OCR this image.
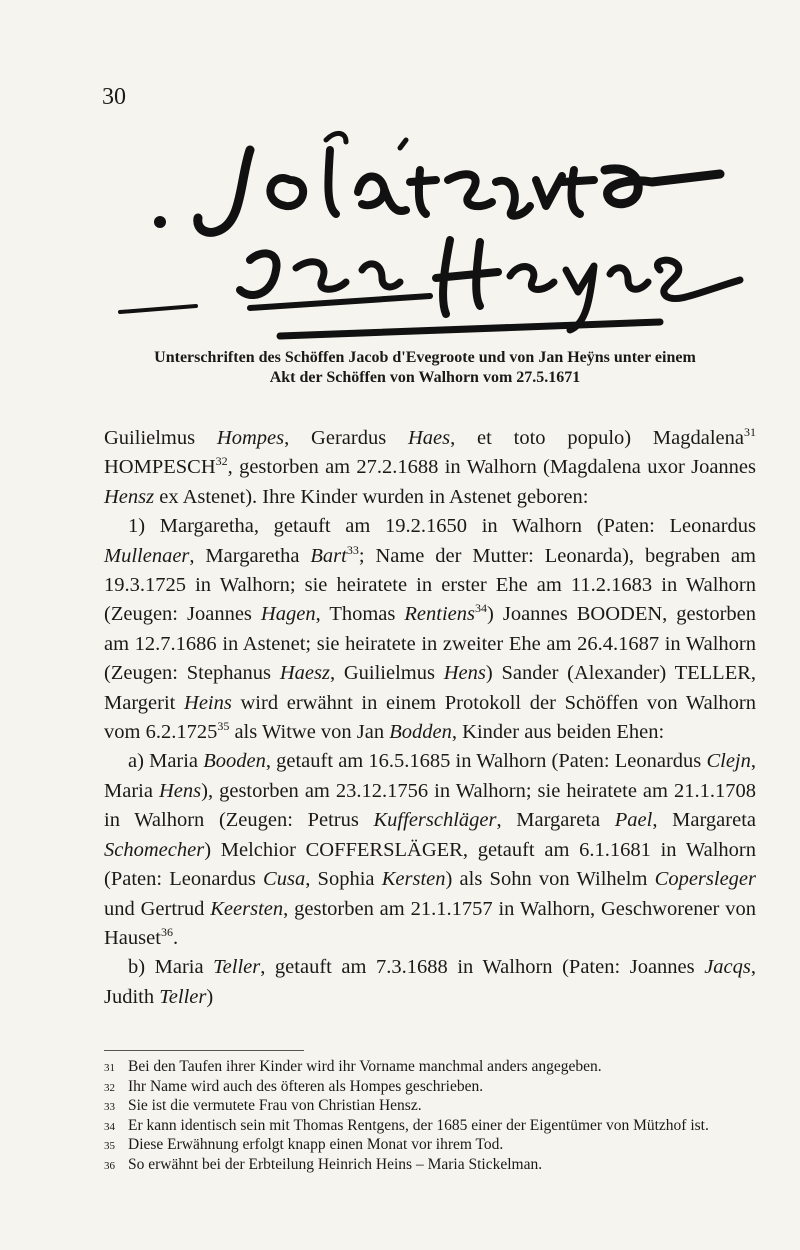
30
Unterschriften des Schöffen Jacob d'Evegroote und von Jan Heÿns unter einem
Akt der Schöffen von Walhorn vom 27.5.1671

Guilielmus Hompes, Gerardus Haes, et toto populo) Magdalena$^{31}$ HOMPESCH$^{32}$, gestorben am 27.2.1688 in Walhorn (Magdalena uxor Joannes Hensz ex Astenet). Ihre Kinder wurden in Astenet geboren:

1) Margaretha, getauft am 19.2.1650 in Walhorn (Paten: Leonardus Mullenaer, Margaretha Bart$^{33}$; Name der Mutter: Leonarda), begraben am 19.3.1725 in Walhorn; sie heiratete in erster Ehe am 11.2.1683 in Walhorn (Zeugen: Joannes Hagen, Thomas Rentiens$^{34}$) Joannes BOODEN, gestorben am 12.7.1686 in Astenet; sie heiratete in zweiter Ehe am 26.4.1687 in Walhorn (Zeugen: Stephanus Haesz, Guilielmus Hens) Sander (Alexander) TELLER, Margerit Heins wird erwähnt in einem Protokoll der Schöffen von Walhorn vom 6.2.1725$^{35}$ als Witwe von Jan Bodden, Kinder aus beiden Ehen:

a) Maria Booden, getauft am 16.5.1685 in Walhorn (Paten: Leonardus Clejn, Maria Hens), gestorben am 23.12.1756 in Walhorn; sie heiratete am 21.1.1708 in Walhorn (Zeugen: Petrus Kufferschläger, Margareta Pael, Margareta Schomecher) Melchior COFFERSLÄGER, getauft am 6.1.1681 in Walhorn (Paten: Leonardus Cusa, Sophia Kersten) als Sohn von Wilhelm Copersleger und Gertrud Keersten, gestorben am 21.1.1757 in Walhorn, Geschworener von Hauset$^{36}$.

b) Maria Teller, getauft am 7.3.1688 in Walhorn (Paten: Joannes Jacqs, Judith Teller)

31 Bei den Taufen ihrer Kinder wird ihr Vorname manchmal anders angegeben.
32 Ihr Name wird auch des öfteren als Hompes geschrieben.
33 Sie ist die vermutete Frau von Christian Hensz.
34 Er kann identisch sein mit Thomas Rentgens, der 1685 einer der Eigentümer von Mützhof ist.
35 Diese Erwähnung erfolgt knapp einen Monat vor ihrem Tod.
36 So erwähnt bei der Erbteilung Heinrich Heins – Maria Stickelman.
